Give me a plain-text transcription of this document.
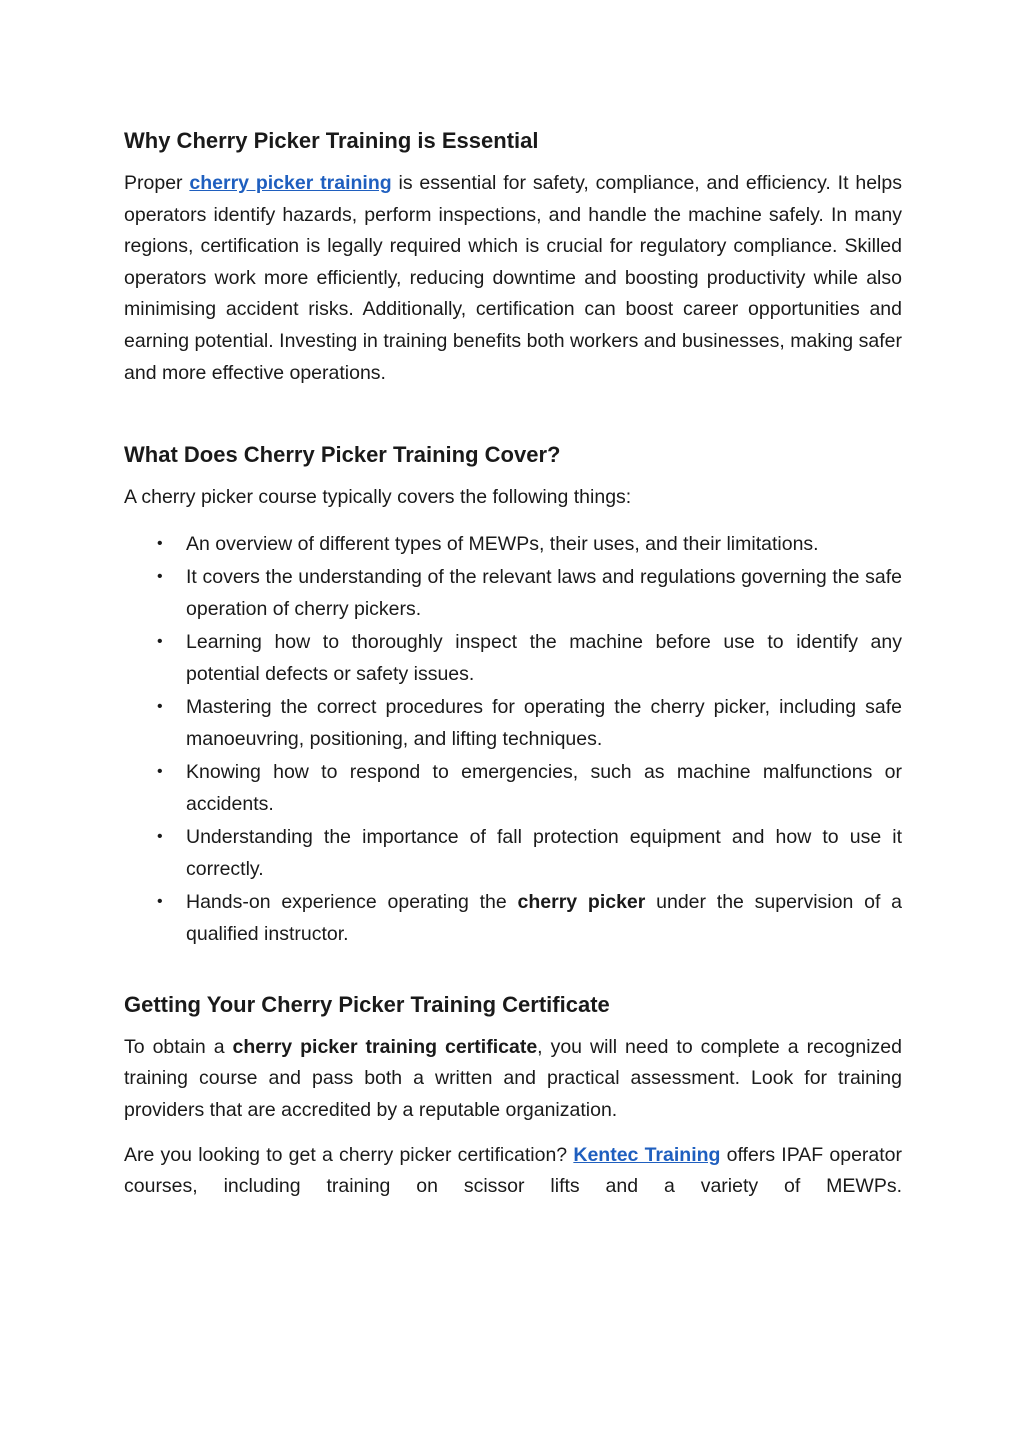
Why Cherry Picker Training is Essential

Proper cherry picker training is essential for safety, compliance, and efficiency. It helps operators identify hazards, perform inspections, and handle the machine safely. In many regions, certification is legally required which is crucial for regulatory compliance. Skilled operators work more efficiently, reducing downtime and boosting productivity while also minimising accident risks. Additionally, certification can boost career opportunities and earning potential. Investing in training benefits both workers and businesses, making safer and more effective operations.

What Does Cherry Picker Training Cover?

A cherry picker course typically covers the following things:

• An overview of different types of MEWPs, their uses, and their limitations.
• It covers the understanding of the relevant laws and regulations governing the safe operation of cherry pickers.
• Learning how to thoroughly inspect the machine before use to identify any potential defects or safety issues.
• Mastering the correct procedures for operating the cherry picker, including safe manoeuvring, positioning, and lifting techniques.
• Knowing how to respond to emergencies, such as machine malfunctions or accidents.
• Understanding the importance of fall protection equipment and how to use it correctly.
• Hands-on experience operating the cherry picker under the supervision of a qualified instructor.
Getting Your Cherry Picker Training Certificate

To obtain a cherry picker training certificate, you will need to complete a recognized training course and pass both a written and practical assessment. Look for training providers that are accredited by a reputable organization.

Are you looking to get a cherry picker certification? Kentec Training offers IPAF operator courses, including training on scissor lifts and a variety of MEWPs.
